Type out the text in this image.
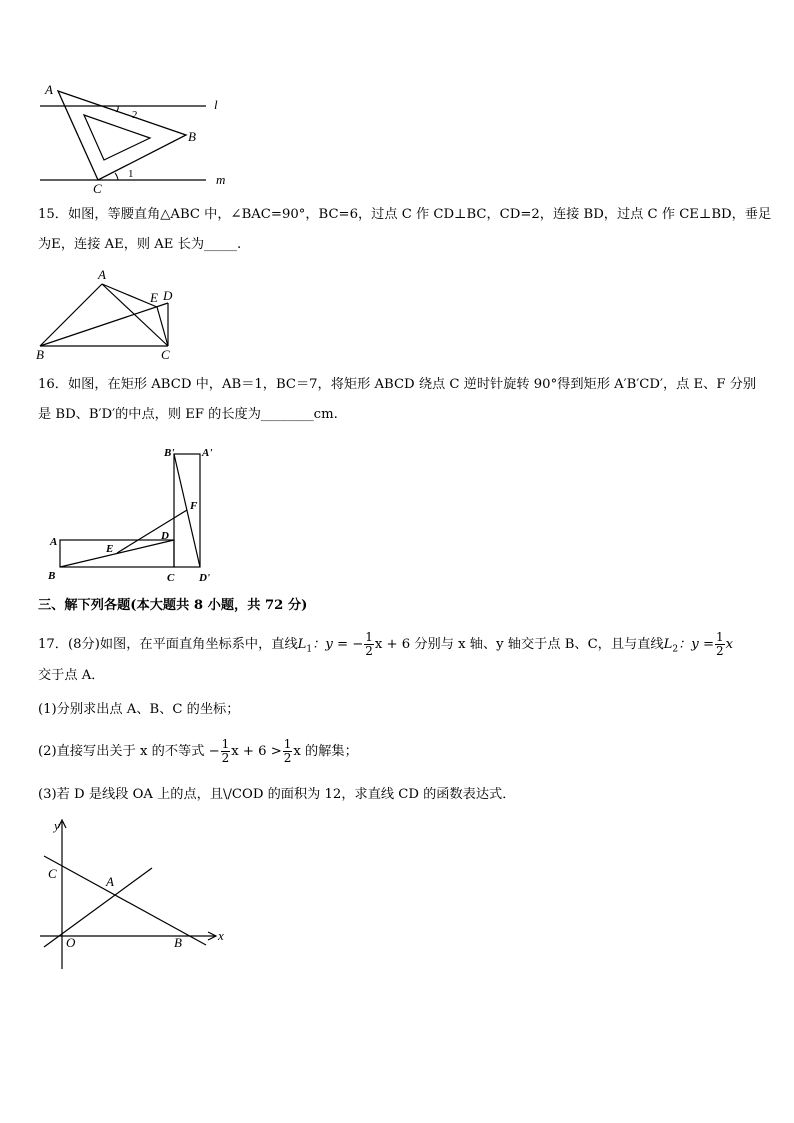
A
B
C
l
m
2
1
15．如图，等腰直角△ABC 中，∠BAC=90°，BC=6，过点 C 作 CD⊥BC，CD=2，连接 BD，过点 C 作 CE⊥BD，垂足
为E，连接 AE，则 AE 长为_____.
A
B	C
D
E
16．如图，在矩形 ABCD 中，AB＝1，BC＝7，将矩形 ABCD 绕点 C 逆时针旋转 90°得到矩形 A′B′CD′，点 E、F 分别
是 BD、B′D′的中点，则 EF 的长度为________cm.
A
B	C
D
E
F
A'
B'
D'
三、解下列各题(本大题共 8 小题，共 72 分)
17．(8分)如图，在平面直角坐标系中，直线$L_1$：y = − $\frac{1}{2}$ x + 6 分别与 x 轴、y 轴交于点 B、C，且与直线$L_2$：$y = \frac{1}{2}$ x
交于点 A．
(1)分别求出点 A、B、C 的坐标；
(2)直接写出关于 x 的不等式 − $\frac{1}{2}$ $x + 6 > \frac{1}{2}$ x 的解集；
(3)若 D 是线段 OA 上的点，且\/COD 的面积为 12，求直线 CD 的函数表达式．
y
x
C
A
O	B
